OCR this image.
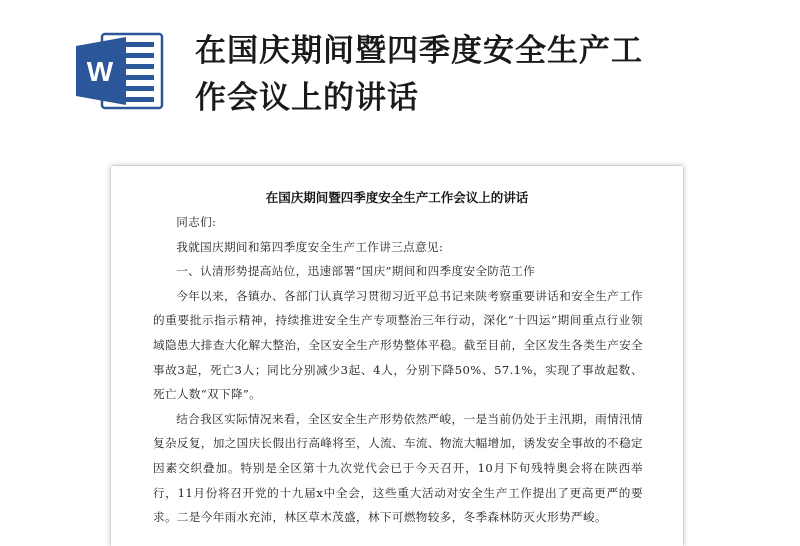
W
在国庆期间暨四季度安全生产工
作会议上的讲话
在国庆期间暨四季度安全生产工作会议上的讲话

同志们:

我就国庆期间和第四季度安全生产工作讲三点意见:

一、认清形势提高站位，迅速部署“国庆”期间和四季度安全防范工作

今年以来，各镇办、各部门认真学习贯彻习近平总书记来陕考察重要讲话和安全生产工作的重要批示指示精神，持续推进安全生产专项整治三年行动，深化“十四运”期间重点行业领域隐患大排查大化解大整治，全区安全生产形势整体平稳。截至目前，全区发生各类生产安全事故3起，死亡3人；同比分别减少3起、4人，分别下降50%、57.1%，实现了事故起数、死亡人数“双下降”。

结合我区实际情况来看，全区安全生产形势依然严峻，一是当前仍处于主汛期，雨情汛情复杂反复，加之国庆长假出行高峰将至，人流、车流、物流大幅增加，诱发安全事故的不稳定因素交织叠加。特别是全区第十九次党代会已于今天召开，10月下旬残特奥会将在陕西举行，11月份将召开党的十九届x中全会，这些重大活动对安全生产工作提出了更高更严的要求。二是今年雨水充沛，林区草木茂盛，林下可燃物较多，冬季森林防灭火形势严峻。
